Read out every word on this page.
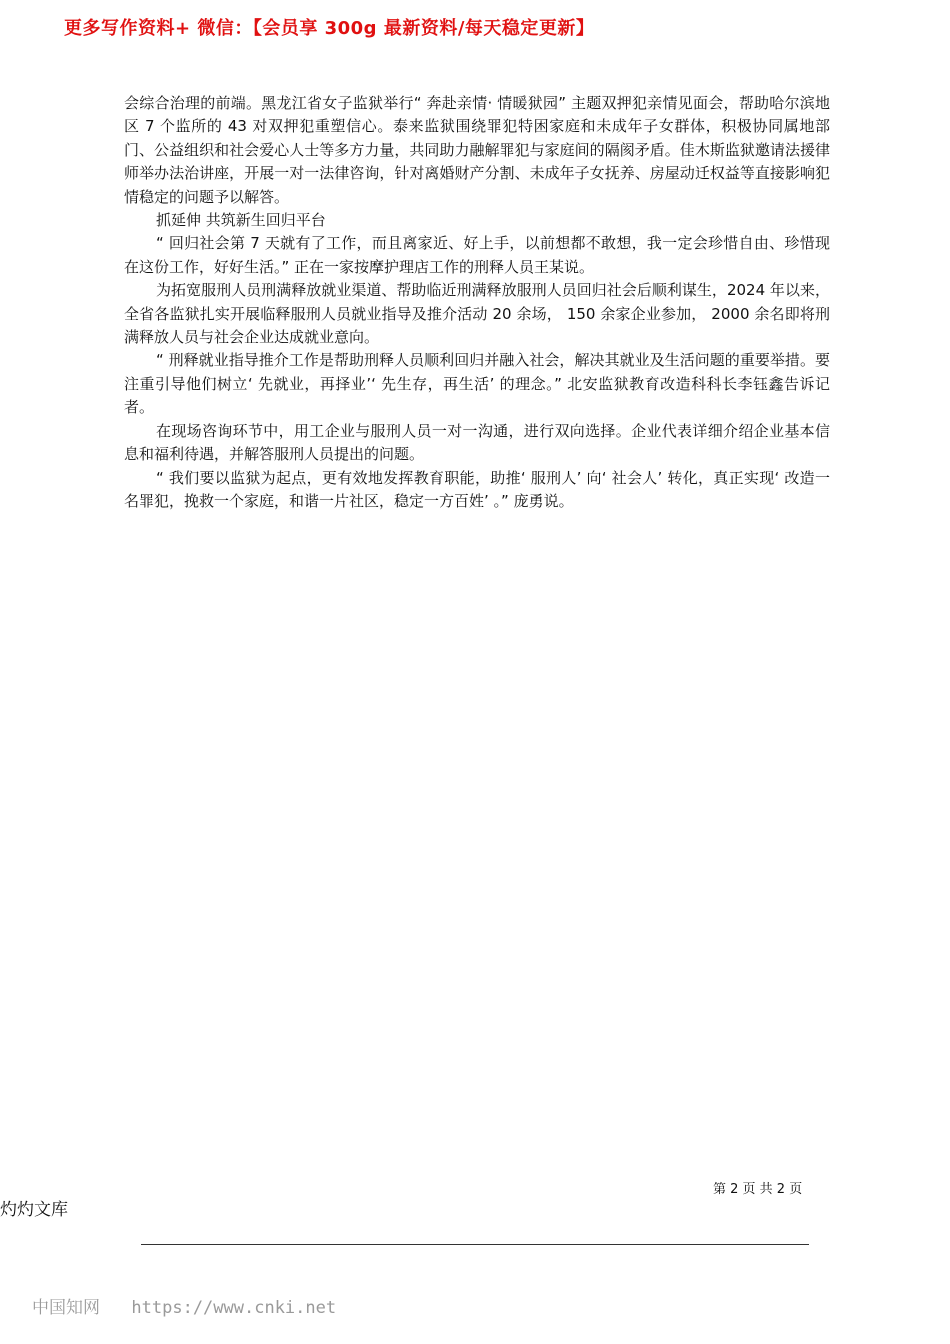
更多写作资料+ 微信：【会员享 300g 最新资料/每天稳定更新】

会综合治理的前端。黑龙江省女子监狱举行“ 奔赴亲情· 情暖狱园” 主题双押犯亲情见面会，帮助哈尔滨地区 7 个监所的 43 对双押犯重塑信心。泰来监狱围绕罪犯特困家庭和未成年子女群体，积极协同属地部门、公益组织和社会爱心人士等多方力量，共同助力融解罪犯与家庭间的隔阂矛盾。佳木斯监狱邀请法援律师举办法治讲座，开展一对一法律咨询，针对离婚财产分割、未成年子女抚养、房屋动迁权益等直接影响犯情稳定的问题予以解答。

抓延伸 共筑新生回归平台

“ 回归社会第 7 天就有了工作，而且离家近、好上手，以前想都不敢想，我一定会珍惜自由、珍惜现在这份工作，好好生活。” 正在一家按摩护理店工作的刑释人员王某说。

为拓宽服刑人员刑满释放就业渠道、帮助临近刑满释放服刑人员回归社会后顺利谋生，2024 年以来， 全省各监狱扎实开展临释服刑人员就业指导及推介活动 20 余场， 150 余家企业参加， 2000 余名即将刑满释放人员与社会企业达成就业意向。

“ 刑释就业指导推介工作是帮助刑释人员顺利回归并融入社会，解决其就业及生活问题的重要举措。要注重引导他们树立‘ 先就业，再择业’‘ 先生存，再生活’ 的理念。” 北安监狱教育改造科科长李钰鑫告诉记者。

在现场咨询环节中，用工企业与服刑人员一对一沟通，进行双向选择。企业代表详细介绍企业基本信息和福利待遇，并解答服刑人员提出的问题。

“ 我们要以监狱为起点，更有效地发挥教育职能，助推‘ 服刑人’ 向‘ 社会人’ 转化，真正实现‘ 改造一名罪犯，挽救一个家庭，和谐一片社区，稳定一方百姓’ 。” 庞勇说。

第 2 页 共 2 页
灼灼文库
中国知网 https://www.cnki.net
